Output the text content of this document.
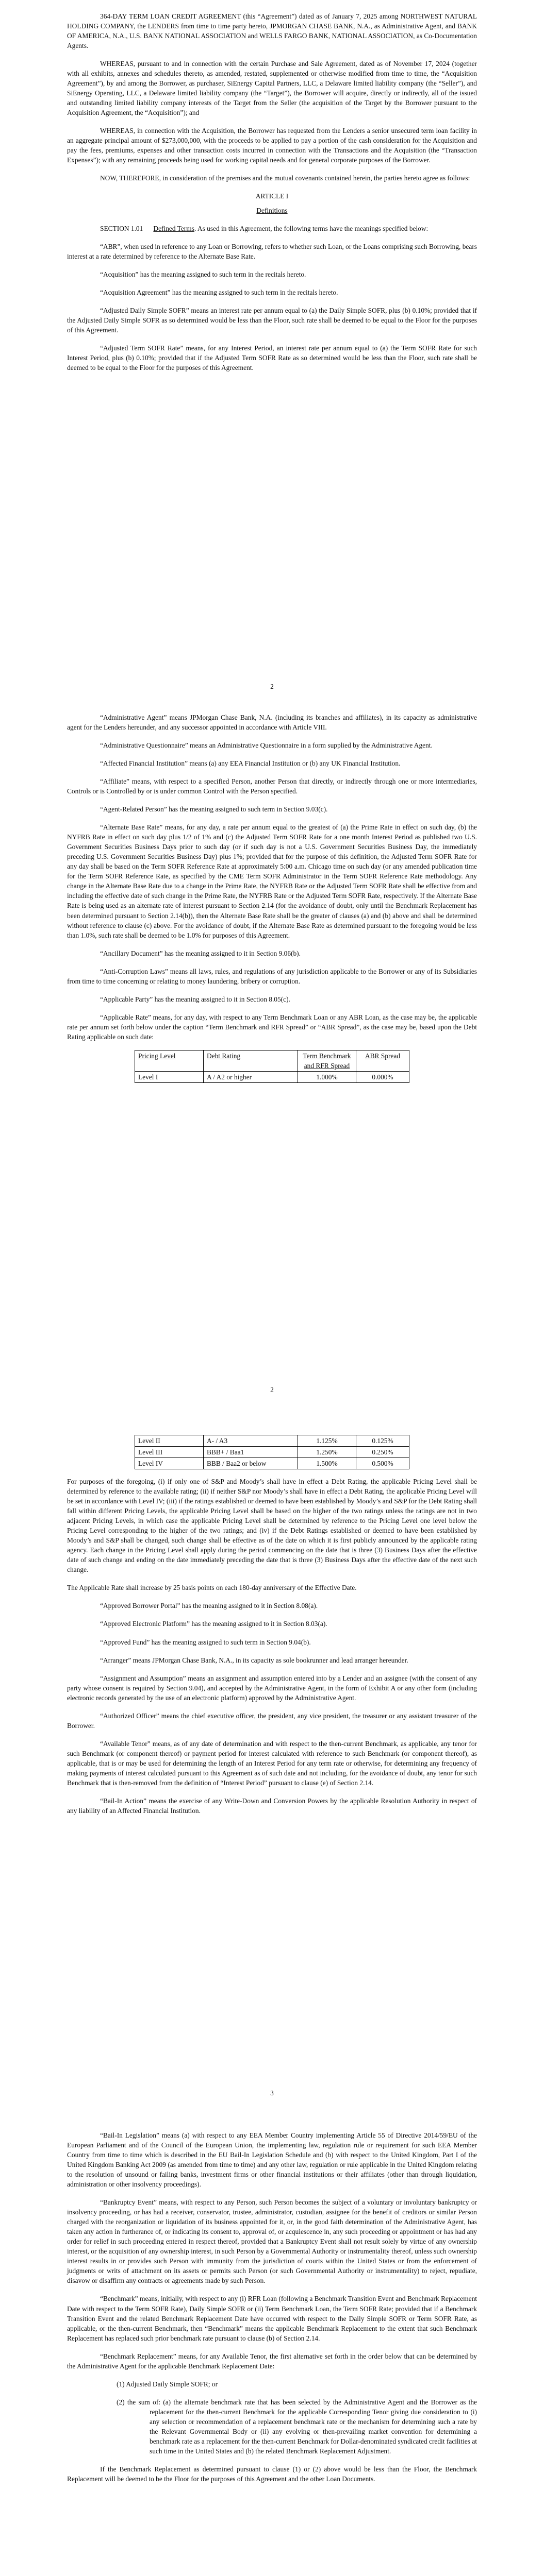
364-DAY TERM LOAN CREDIT AGREEMENT (this “Agreement”) dated as of January 7, 2025 among NORTHWEST NATURAL HOLDING COMPANY, the LENDERS from time to time party hereto, JPMORGAN CHASE BANK, N.A., as Administrative Agent, and BANK OF AMERICA, N.A., U.S. BANK NATIONAL ASSOCIATION and WELLS FARGO BANK, NATIONAL ASSOCIATION, as Co-Documentation Agents.

WHEREAS, pursuant to and in connection with the certain Purchase and Sale Agreement, dated as of November 17, 2024 (together with all exhibits, annexes and schedules thereto, as amended, restated, supplemented or otherwise modified from time to time, the “Acquisition Agreement”), by and among the Borrower, as purchaser, SiEnergy Capital Partners, LLC, a Delaware limited liability company (the “Seller”), and SiEnergy Operating, LLC, a Delaware limited liability company (the “Target”), the Borrower will acquire, directly or indirectly, all of the issued and outstanding limited liability company interests of the Target from the Seller (the acquisition of the Target by the Borrower pursuant to the Acquisition Agreement, the “Acquisition”); and

WHEREAS, in connection with the Acquisition, the Borrower has requested from the Lenders a senior unsecured term loan facility in an aggregate principal amount of $273,000,000, with the proceeds to be applied to pay a portion of the cash consideration for the Acquisition and pay the fees, premiums, expenses and other transaction costs incurred in connection with the Transactions and the Acquisition (the “Transaction Expenses”); with any remaining proceeds being used for working capital needs and for general corporate purposes of the Borrower.

NOW, THEREFORE, in consideration of the premises and the mutual covenants contained herein, the parties hereto agree as follows:

ARTICLE I

Definitions

SECTION 1.01 Defined Terms. As used in this Agreement, the following terms have the meanings specified below:

“ABR”, when used in reference to any Loan or Borrowing, refers to whether such Loan, or the Loans comprising such Borrowing, bears interest at a rate determined by reference to the Alternate Base Rate.

“Acquisition” has the meaning assigned to such term in the recitals hereto.

“Acquisition Agreement” has the meaning assigned to such term in the recitals hereto.

“Adjusted Daily Simple SOFR” means an interest rate per annum equal to (a) the Daily Simple SOFR, plus (b) 0.10%; provided that if the Adjusted Daily Simple SOFR as so determined would be less than the Floor, such rate shall be deemed to be equal to the Floor for the purposes of this Agreement.

“Adjusted Term SOFR Rate” means, for any Interest Period, an interest rate per annum equal to (a) the Term SOFR Rate for such Interest Period, plus (b) 0.10%; provided that if the Adjusted Term SOFR Rate as so determined would be less than the Floor, such rate shall be deemed to be equal to the Floor for the purposes of this Agreement.

2

“Administrative Agent” means JPMorgan Chase Bank, N.A. (including its branches and affiliates), in its capacity as administrative agent for the Lenders hereunder, and any successor appointed in accordance with Article VIII.

“Administrative Questionnaire” means an Administrative Questionnaire in a form supplied by the Administrative Agent.

“Affected Financial Institution” means (a) any EEA Financial Institution or (b) any UK Financial Institution.

“Affiliate” means, with respect to a specified Person, another Person that directly, or indirectly through one or more intermediaries, Controls or is Controlled by or is under common Control with the Person specified.

“Agent-Related Person” has the meaning assigned to such term in Section 9.03(c).

“Alternate Base Rate” means, for any day, a rate per annum equal to the greatest of (a) the Prime Rate in effect on such day, (b) the NYFRB Rate in effect on such day plus 1/2 of 1% and (c) the Adjusted Term SOFR Rate for a one month Interest Period as published two U.S. Government Securities Business Days prior to such day (or if such day is not a U.S. Government Securities Business Day, the immediately preceding U.S. Government Securities Business Day) plus 1%; provided that for the purpose of this definition, the Adjusted Term SOFR Rate for any day shall be based on the Term SOFR Reference Rate at approximately 5:00 a.m. Chicago time on such day (or any amended publication time for the Term SOFR Reference Rate, as specified by the CME Term SOFR Administrator in the Term SOFR Reference Rate methodology. Any change in the Alternate Base Rate due to a change in the Prime Rate, the NYFRB Rate or the Adjusted Term SOFR Rate shall be effective from and including the effective date of such change in the Prime Rate, the NYFRB Rate or the Adjusted Term SOFR Rate, respectively. If the Alternate Base Rate is being used as an alternate rate of interest pursuant to Section 2.14 (for the avoidance of doubt, only until the Benchmark Replacement has been determined pursuant to Section 2.14(b)), then the Alternate Base Rate shall be the greater of clauses (a) and (b) above and shall be determined without reference to clause (c) above. For the avoidance of doubt, if the Alternate Base Rate as determined pursuant to the foregoing would be less than 1.0%, such rate shall be deemed to be 1.0% for purposes of this Agreement.

“Ancillary Document” has the meaning assigned to it in Section 9.06(b).

“Anti-Corruption Laws” means all laws, rules, and regulations of any jurisdiction applicable to the Borrower or any of its Subsidiaries from time to time concerning or relating to money laundering, bribery or corruption.

“Applicable Party” has the meaning assigned to it in Section 8.05(c).

“Applicable Rate” means, for any day, with respect to any Term Benchmark Loan or any ABR Loan, as the case may be, the applicable rate per annum set forth below under the caption “Term Benchmark and RFR Spread” or “ABR Spread”, as the case may be, based upon the Debt Rating applicable on such date:

Pricing Level	Debt Rating	Term Benchmark and RFR Spread	ABR Spread
Level I	A / A2 or higher	1.000%	0.000%
2
Level II	A- / A3	1.125%	0.125%
Level III	BBB+ / Baa1	1.250%	0.250%
Level IV	BBB / Baa2 or below	1.500%	0.500%

For purposes of the foregoing, (i) if only one of S&P and Moody’s shall have in effect a Debt Rating, the applicable Pricing Level shall be determined by reference to the available rating; (ii) if neither S&P nor Moody’s shall have in effect a Debt Rating, the applicable Pricing Level will be set in accordance with Level IV; (iii) if the ratings established or deemed to have been established by Moody’s and S&P for the Debt Rating shall fall within different Pricing Levels, the applicable Pricing Level shall be based on the higher of the two ratings unless the ratings are not in two adjacent Pricing Levels, in which case the applicable Pricing Level shall be determined by reference to the Pricing Level one level below the Pricing Level corresponding to the higher of the two ratings; and (iv) if the Debt Ratings established or deemed to have been established by Moody’s and S&P shall be changed, such change shall be effective as of the date on which it is first publicly announced by the applicable rating agency. Each change in the Pricing Level shall apply during the period commencing on the date that is three (3) Business Days after the effective date of such change and ending on the date immediately preceding the date that is three (3) Business Days after the effective date of the next such change.

The Applicable Rate shall increase by 25 basis points on each 180-day anniversary of the Effective Date.

“Approved Borrower Portal” has the meaning assigned to it in Section 8.08(a).

“Approved Electronic Platform” has the meaning assigned to it in Section 8.03(a).

“Approved Fund” has the meaning assigned to such term in Section 9.04(b).

“Arranger” means JPMorgan Chase Bank, N.A., in its capacity as sole bookrunner and lead arranger hereunder.

“Assignment and Assumption” means an assignment and assumption entered into by a Lender and an assignee (with the consent of any party whose consent is required by Section 9.04), and accepted by the Administrative Agent, in the form of Exhibit A or any other form (including electronic records generated by the use of an electronic platform) approved by the Administrative Agent.

“Authorized Officer” means the chief executive officer, the president, any vice president, the treasurer or any assistant treasurer of the Borrower.

“Available Tenor” means, as of any date of determination and with respect to the then-current Benchmark, as applicable, any tenor for such Benchmark (or component thereof) or payment period for interest calculated with reference to such Benchmark (or component thereof), as applicable, that is or may be used for determining the length of an Interest Period for any term rate or otherwise, for determining any frequency of making payments of interest calculated pursuant to this Agreement as of such date and not including, for the avoidance of doubt, any tenor for such Benchmark that is then-removed from the definition of “Interest Period” pursuant to clause (e) of Section 2.14.

“Bail-In Action” means the exercise of any Write-Down and Conversion Powers by the applicable Resolution Authority in respect of any liability of an Affected Financial Institution.

3

“Bail-In Legislation” means (a) with respect to any EEA Member Country implementing Article 55 of Directive 2014/59/EU of the European Parliament and of the Council of the European Union, the implementing law, regulation rule or requirement for such EEA Member Country from time to time which is described in the EU Bail-In Legislation Schedule and (b) with respect to the United Kingdom, Part I of the United Kingdom Banking Act 2009 (as amended from time to time) and any other law, regulation or rule applicable in the United Kingdom relating to the resolution of unsound or failing banks, investment firms or other financial institutions or their affiliates (other than through liquidation, administration or other insolvency proceedings).

“Bankruptcy Event” means, with respect to any Person, such Person becomes the subject of a voluntary or involuntary bankruptcy or insolvency proceeding, or has had a receiver, conservator, trustee, administrator, custodian, assignee for the benefit of creditors or similar Person charged with the reorganization or liquidation of its business appointed for it, or, in the good faith determination of the Administrative Agent, has taken any action in furtherance of, or indicating its consent to, approval of, or acquiescence in, any such proceeding or appointment or has had any order for relief in such proceeding entered in respect thereof, provided that a Bankruptcy Event shall not result solely by virtue of any ownership interest, or the acquisition of any ownership interest, in such Person by a Governmental Authority or instrumentality thereof, unless such ownership interest results in or provides such Person with immunity from the jurisdiction of courts within the United States or from the enforcement of judgments or writs of attachment on its assets or permits such Person (or such Governmental Authority or instrumentality) to reject, repudiate, disavow or disaffirm any contracts or agreements made by such Person.

“Benchmark” means, initially, with respect to any (i) RFR Loan (following a Benchmark Transition Event and Benchmark Replacement Date with respect to the Term SOFR Rate), Daily Simple SOFR or (ii) Term Benchmark Loan, the Term SOFR Rate; provided that if a Benchmark Transition Event and the related Benchmark Replacement Date have occurred with respect to the Daily Simple SOFR or Term SOFR Rate, as applicable, or the then-current Benchmark, then “Benchmark” means the applicable Benchmark Replacement to the extent that such Benchmark Replacement has replaced such prior benchmark rate pursuant to clause (b) of Section 2.14.

“Benchmark Replacement” means, for any Available Tenor, the first alternative set forth in the order below that can be determined by the Administrative Agent for the applicable Benchmark Replacement Date:

(1) Adjusted Daily Simple SOFR; or

(2) the sum of: (a) the alternate benchmark rate that has been selected by the Administrative Agent and the Borrower as the replacement for the then-current Benchmark for the applicable Corresponding Tenor giving due consideration to (i) any selection or recommendation of a replacement benchmark rate or the mechanism for determining such a rate by the Relevant Governmental Body or (ii) any evolving or then-prevailing market convention for determining a benchmark rate as a replacement for the then-current Benchmark for Dollar-denominated syndicated credit facilities at such time in the United States and (b) the related Benchmark Replacement Adjustment.

If the Benchmark Replacement as determined pursuant to clause (1) or (2) above would be less than the Floor, the Benchmark Replacement will be deemed to be the Floor for the purposes of this Agreement and the other Loan Documents.
